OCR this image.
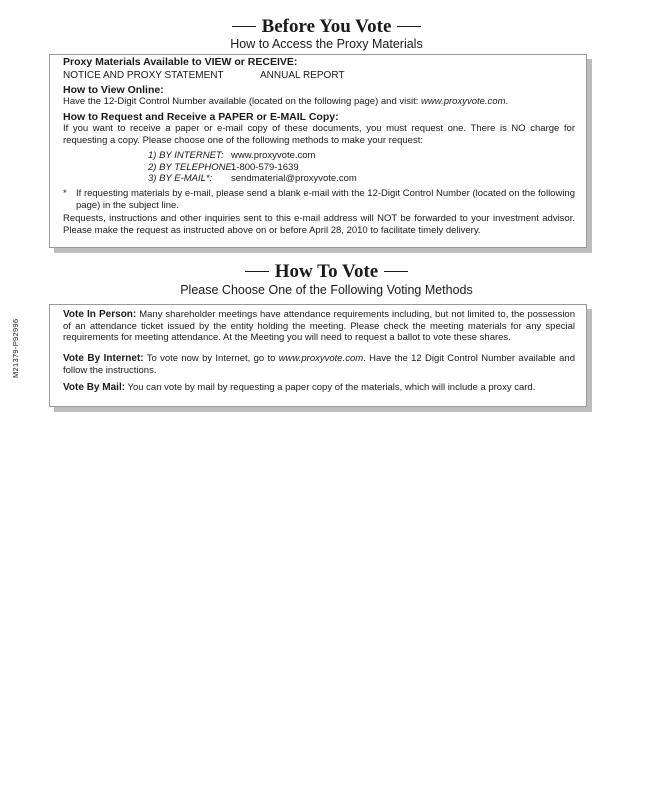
Before You Vote
How to Access the Proxy Materials
Proxy Materials Available to VIEW or RECEIVE:
NOTICE AND PROXY STATEMENT	ANNUAL REPORT
How to View Online:
Have the 12-Digit Control Number available (located on the following page) and visit: www.proxyvote.com.
How to Request and Receive a PAPER or E-MAIL Copy:
If you want to receive a paper or e-mail copy of these documents, you must request one. There is NO charge for requesting a copy. Please choose one of the following methods to make your request:
1) BY INTERNET: www.proxyvote.com
2) BY TELEPHONE:1-800-579-1639
3) BY E-MAIL*: sendmaterial@proxyvote.com
* If requesting materials by e-mail, please send a blank e-mail with the 12-Digit Control Number (located on the following page) in the subject line.
Requests, instructions and other inquiries sent to this e-mail address will NOT be forwarded to your investment advisor. Please make the request as instructed above on or before April 28, 2010 to facilitate timely delivery.
How To Vote
Please Choose One of the Following Voting Methods
Vote In Person: Many shareholder meetings have attendance requirements including, but not limited to, the possession of an attendance ticket issued by the entity holding the meeting. Please check the meeting materials for any special requirements for meeting attendance. At the Meeting you will need to request a ballot to vote these shares.
Vote By Internet: To vote now by Internet, go to www.proxyvote.com. Have the 12 Digit Control Number available and follow the instructions.
Vote By Mail: You can vote by mail by requesting a paper copy of the materials, which will include a proxy card.
M21379-P92996
